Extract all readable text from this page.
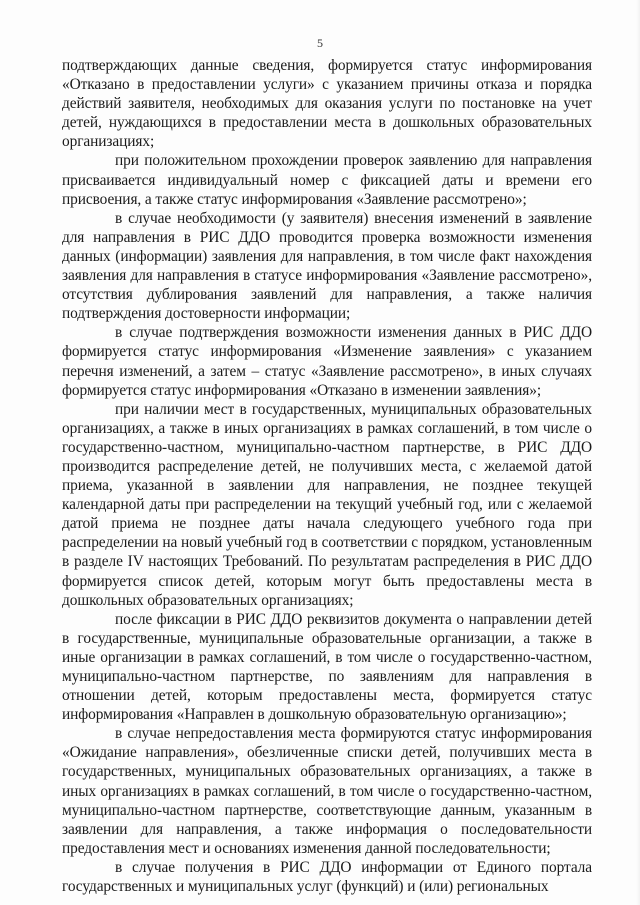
5

подтверждающих данные сведения, формируется статус информирования «Отказано в предоставлении услуги» с указанием причины отказа и порядка действий заявителя, необходимых для оказания услуги по постановке на учет детей, нуждающихся в предоставлении места в дошкольных образовательных организациях;

при положительном прохождении проверок заявлению для направления присваивается индивидуальный номер с фиксацией даты и времени его присвоения, а также статус информирования «Заявление рассмотрено»;

в случае необходимости (у заявителя) внесения изменений в заявление для направления в РИС ДДО проводится проверка возможности изменения данных (информации) заявления для направления, в том числе факт нахождения заявления для направления в статусе информирования «Заявление рассмотрено», отсутствия дублирования заявлений для направления, а также наличия подтверждения достоверности информации;

в случае подтверждения возможности изменения данных в РИС ДДО формируется статус информирования «Изменение заявления» с указанием перечня изменений, а затем – статус «Заявление рассмотрено», в иных случаях формируется статус информирования «Отказано в изменении заявления»;

при наличии мест в государственных, муниципальных образовательных организациях, а также в иных организациях в рамках соглашений, в том числе о государственно-частном, муниципально-частном партнерстве, в РИС ДДО производится распределение детей, не получивших места, с желаемой датой приема, указанной в заявлении для направления, не позднее текущей календарной даты при распределении на текущий учебный год, или с желаемой датой приема не позднее даты начала следующего учебного года при распределении на новый учебный год в соответствии с порядком, установленным в разделе IV настоящих Требований. По результатам распределения в РИС ДДО формируется список детей, которым могут быть предоставлены места в дошкольных образовательных организациях;

после фиксации в РИС ДДО реквизитов документа о направлении детей в государственные, муниципальные образовательные организации, а также в иные организации в рамках соглашений, в том числе о государственно-частном, муниципально-частном партнерстве, по заявлениям для направления в отношении детей, которым предоставлены места, формируется статус информирования «Направлен в дошкольную образовательную организацию»;

в случае непредоставления места формируются статус информирования «Ожидание направления», обезличенные списки детей, получивших места в государственных, муниципальных образовательных организациях, а также в иных организациях в рамках соглашений, в том числе о государственно-частном, муниципально-частном партнерстве, соответствующие данным, указанным в заявлении для направления, а также информация о последовательности предоставления мест и основаниях изменения данной последовательности;

в случае получения в РИС ДДО информации от Единого портала государственных и муниципальных услуг (функций) и (или) региональных
